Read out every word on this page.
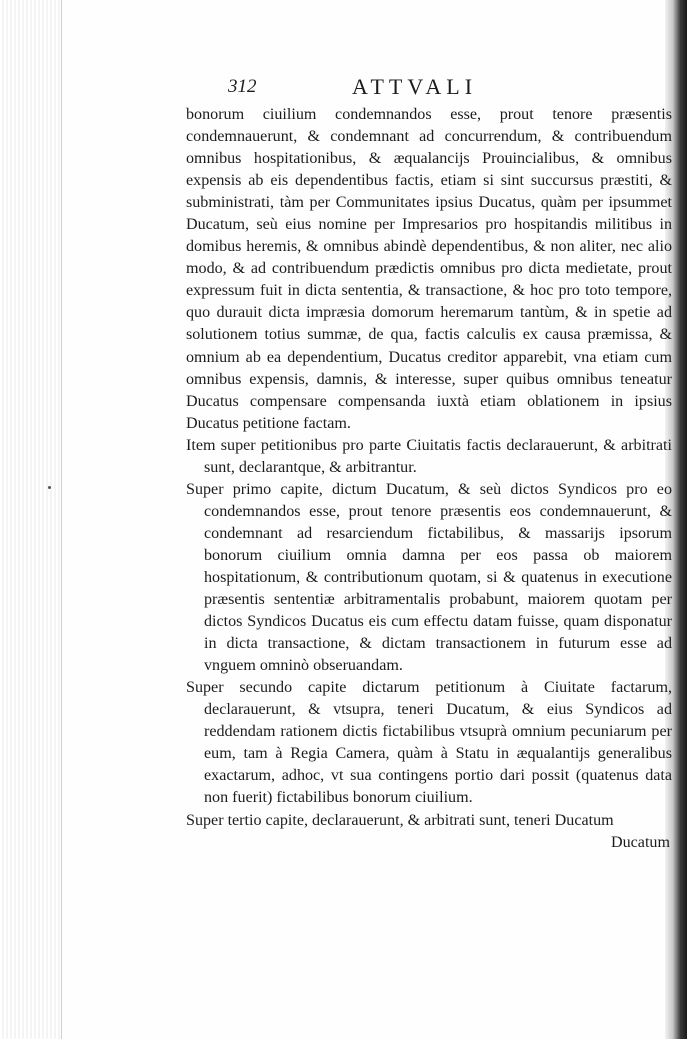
312	ATTVALI

bonorum ciuilium condemnandos esse, prout tenore præsentis condemnauerunt, & condemnant ad concurrendum, & contribuendum omnibus hospitationibus, & æqualancijs Prouincialibus, & omnibus expensis ab eis dependentibus factis, etiam si sint succursus præstiti, & subministrati, tàm per Communitates ipsius Ducatus, quàm per ipsummet Ducatum, seù eius nomine per Impresarios pro hospitandis militibus in domibus heremis, & omnibus abindè dependentibus, & non aliter, nec alio modo, & ad contribuendum prædictis omnibus pro dicta medietate, prout expressum fuit in dicta sententia, & transactione, & hoc pro toto tempore, quo durauit dicta impræsia domorum heremarum tantùm, & in spetie ad solutionem totius summæ, de qua, factis calculis ex causa præmissa, & omnium ab ea dependentium, Ducatus creditor apparebit, vna etiam cum omnibus expensis, damnis, & interesse, super quibus omnibus teneatur Ducatus compensare compensanda iuxtà etiam oblationem in ipsius Ducatus petitione factam.

Item super petitionibus pro parte Ciuitatis factis declarauerunt, & arbitrati sunt, declarantque, & arbitrantur.

Super primo capite, dictum Ducatum, & seù dictos Syndicos pro eo condemnandos esse, prout tenore præsentis eos condemnauerunt, & condemnant ad resarciendum fictabilibus, & massarijs ipsorum bonorum ciuilium omnia damna per eos passa ob maiorem hospitationum, & contributionum quotam, si & quatenus in executione præsentis sententiæ arbitramentalis probabunt, maiorem quotam per dictos Syndicos Ducatus eis cum effectu datam fuisse, quam disponatur in dicta transactione, & dictam transactionem in futurum esse ad vnguem omninò obseruandam.

Super secundo capite dictarum petitionum à Ciuitate factarum, declarauerunt, & vtsupra, teneri Ducatum, & eius Syndicos ad reddendam rationem dictis fictabilibus vtsuprà omnium pecuniarum per eum, tam à Regia Camera, quàm à Statu in æqualantijs generalibus exactarum, adhoc, vt sua contingens portio dari possit (quatenus data non fuerit) fictabilibus bonorum ciuilium.

Super tertio capite, declarauerunt, & arbitrati sunt, teneri Ducatum

Ducatum
